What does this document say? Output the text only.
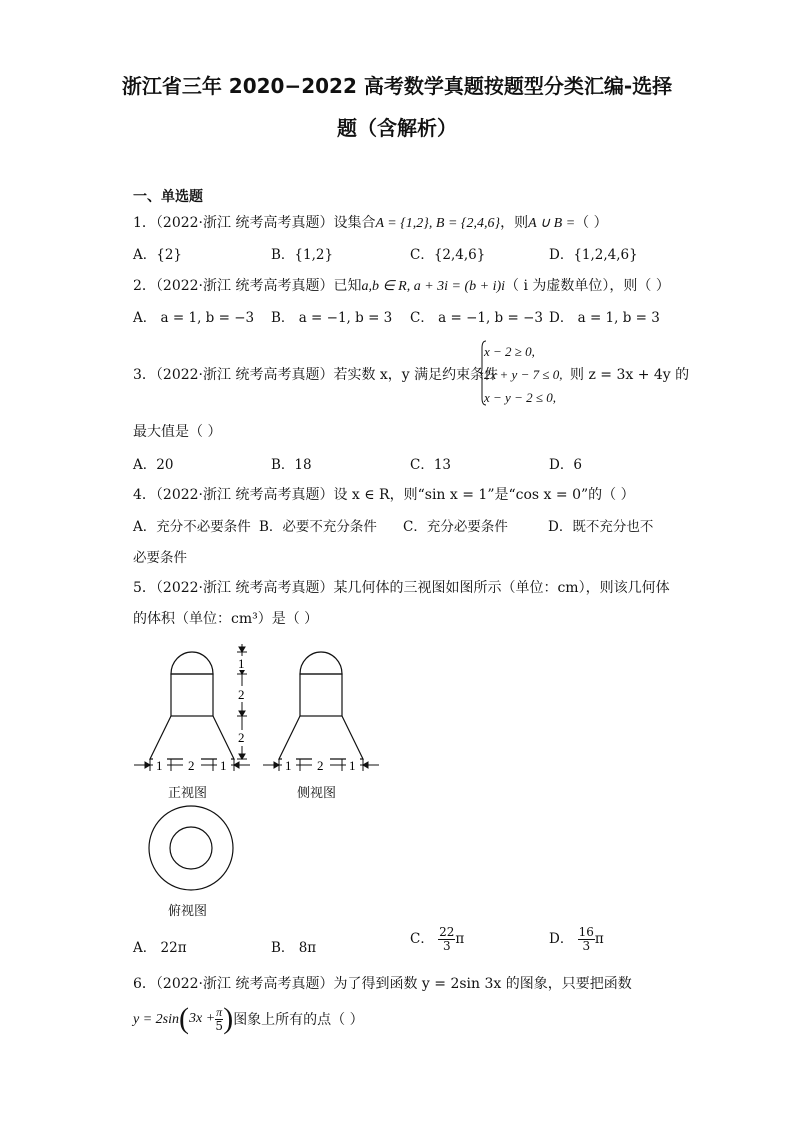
浙江省三年 2020−2022 高考数学真题按题型分类汇编-选择
题（含解析）
一、单选题
1．（2022·浙江 统考高考真题）设集合A = {1,2}, B = {2,4,6}，则A ∪ B =（ ）
A．{2}	B．{1,2}	C．{2,4,6}	D．{1,2,4,6}
2．（2022·浙江 统考高考真题）已知a,b ∈ R, a + 3i = (b + i)i（ i 为虚数单位），则（ ）
A． a = 1, b = −3 B． a = −1, b = 3 C． a = −1, b = −3 D． a = 1, b = 3
3．（2022·浙江 统考高考真题）若实数 x，y 满足约束条件
x − 2 ≥ 0,
2x + y − 7 ≤ 0,
x − y − 2 ≤ 0,
则 z = 3x + 4y 的
最大值是（ ）
A．20	B．18	C．13	D．6
4．（2022·浙江 统考高考真题）设 x ∈ R，则“sin x = 1”是“cos x = 0”的（ ）
A．充分不必要条件 B．必要不充分条件 C．充分必要条件	D．既不充分也不
必要条件
5．（2022·浙江 统考高考真题）某几何体的三视图如图所示（单位：cm），则该几何体
的体积（单位：cm³）是（ ）
1
2
2
1 2 1	1 2 1
正视图	侧视图
俯视图
A． 22π	B． 8π
C． $\frac{22}{3}$ π	D． $\frac{16}{3}$ π
6．（2022·浙江 统考高考真题）为了得到函数 y = 2sin 3x 的图象，只要把函数
$y = 2\sin(3x + \frac{\pi}{5}$ )图象上所有的点（ ）
